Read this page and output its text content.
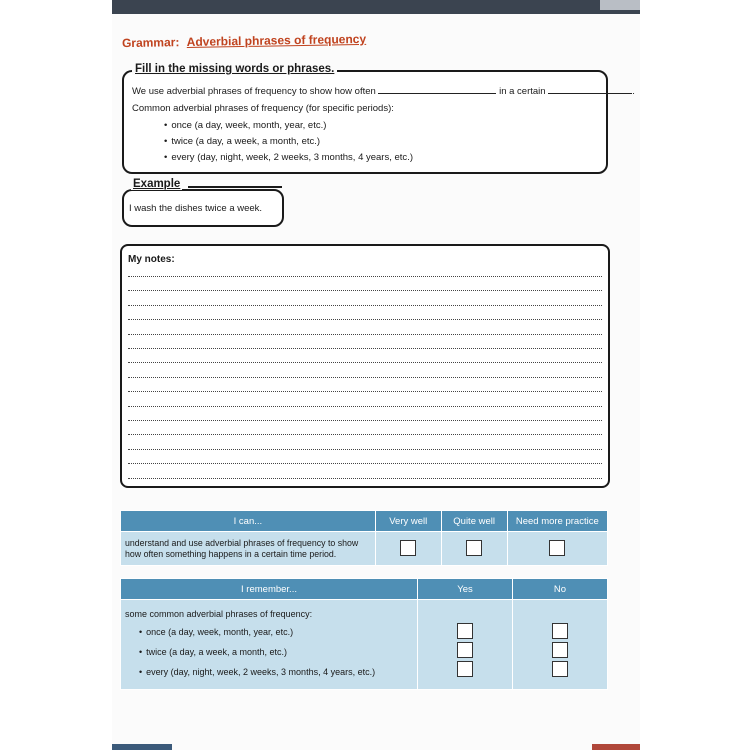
Grammar: Adverbial phrases of frequency
We use adverbial phrases of frequency to show how often	in a certain	.
Common adverbial phrases of frequency (for specific periods):
• once (a day, week, month, year, etc.)
• twice (a day, a week, a month, etc.)
• every (day, night, week, 2 weeks, 3 months, 4 years, etc.)
Fill in the missing words or phrases.
I wash the dishes twice a week.
Example
My notes:
I can...	Very well	Quite well	Need more practice
understand and use adverbial phrases of frequency to show how often something happens in a certain time period.			
I remember...	Yes	No

some common adverbial phrases of frequency:
• once (a day, week, month, year, etc.)
• twice (a day, a week, a month, etc.)
• every (day, night, week, 2 weeks, 3 months, 4 years, etc.)
